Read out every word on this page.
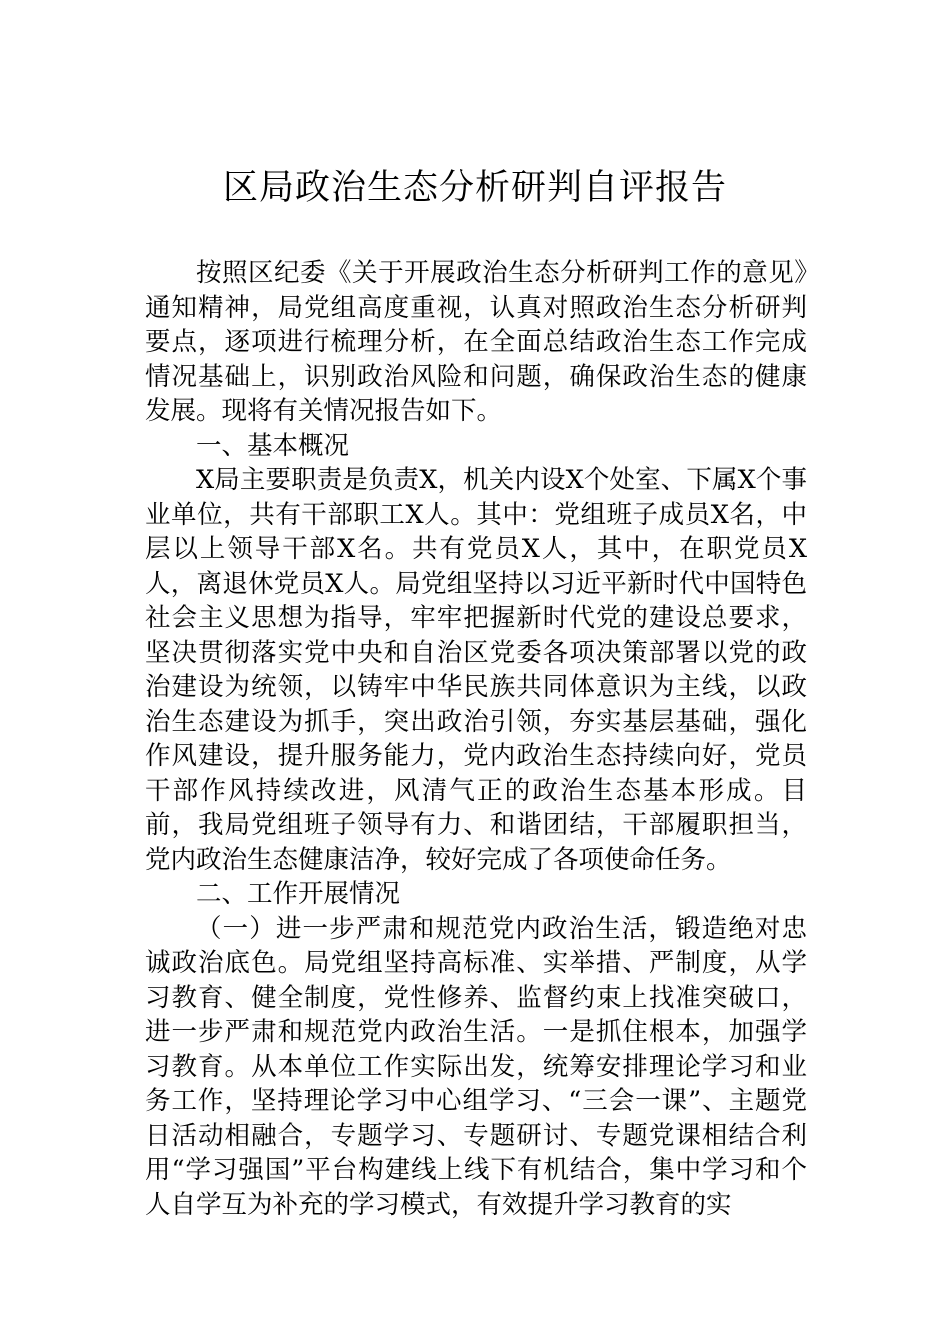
区局政治生态分析研判自评报告

按照区纪委《关于开展政治生态分析研判工作的意见》通知精神，局党组高度重视，认真对照政治生态分析研判要点，逐项进行梳理分析，在全面总结政治生态工作完成情况基础上，识别政治风险和问题，确保政治生态的健康发展。现将有关情况报告如下。

一、基本概况

X局主要职责是负责X，机关内设X个处室、下属X个事业单位，共有干部职工X人。其中：党组班子成员X名，中层以上领导干部X名。共有党员X人，其中，在职党员X人，离退休党员X人。局党组坚持以习近平新时代中国特色社会主义思想为指导，牢牢把握新时代党的建设总要求，坚决贯彻落实党中央和自治区党委各项决策部署以党的政治建设为统领，以铸牢中华民族共同体意识为主线，以政治生态建设为抓手，突出政治引领，夯实基层基础，强化作风建设，提升服务能力，党内政治生态持续向好，党员干部作风持续改进，风清气正的政治生态基本形成。目前，我局党组班子领导有力、和谐团结，干部履职担当，党内政治生态健康洁净，较好完成了各项使命任务。

二、工作开展情况

（一）进一步严肃和规范党内政治生活，锻造绝对忠诚政治底色。局党组坚持高标准、实举措、严制度，从学习教育、健全制度，党性修养、监督约束上找准突破口，进一步严肃和规范党内政治生活。一是抓住根本，加强学习教育。从本单位工作实际出发，统筹安排理论学习和业务工作，坚持理论学习中心组学习、“三会一课”、主题党日活动相融合，专题学习、专题研讨、专题党课相结合利用“学习强国”平台构建线上线下有机结合，集中学习和个人自学互为补充的学习模式，有效提升学习教育的实
